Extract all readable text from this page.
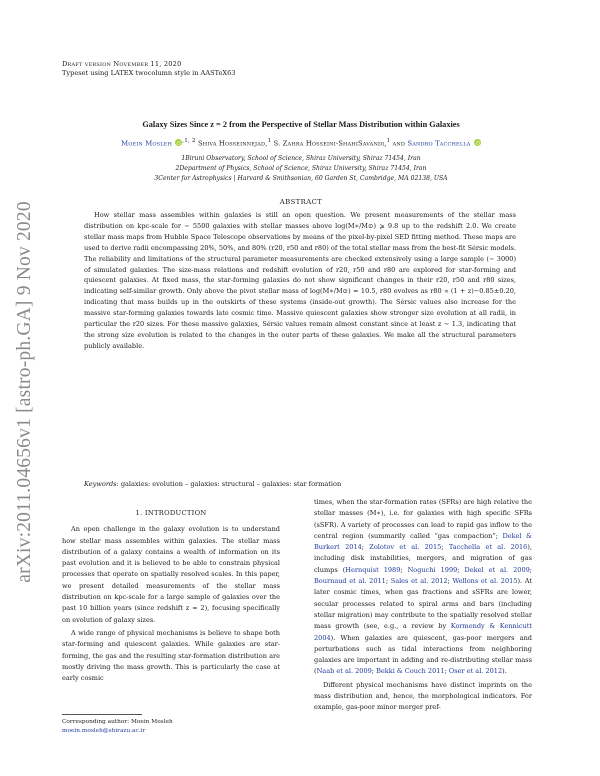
arXiv:2011.04656v1 [astro-ph.GA] 9 Nov 2020
Draft version November 11, 2020
Typeset using LATEX twocolumn style in AASTeX63
Galaxy Sizes Since z = 2 from the Perspective of Stellar Mass Distribution within Galaxies
Moein Mosleh iD
$^{,1, 2}$ Shiva Hosseinnejad,$^1$ S. Zahra Hosseini-ShahiSavandi,$^1$ and Sandro Tacchella iD
1Biruni Observatory, School of Science, Shiraz University, Shiraz 71454, Iran
2Department of Physics, School of Science, Shiraz University, Shiraz 71454, Iran
3Center for Astrophysics | Harvard & Smithsonian, 60 Garden St, Cambridge, MA 02138, USA
ABSTRACT
How stellar mass assembles within galaxies is still an open question. We present measurements of the stellar mass distribution on kpc-scale for ∼ 5500 galaxies with stellar masses above log(M∗/M⊙) ⩾ 9.8 up to the redshift 2.0. We create stellar mass maps from Hubble Space Telescope observations by means of the pixel-by-pixel SED fitting method. These maps are used to derive radii encompassing 20%, 50%, and 80% (r20, r50 and r80) of the total stellar mass from the best-fit Sérsic models. The reliability and limitations of the structural parameter measurements are checked extensively using a large sample (∼ 3000) of simulated galaxies. The size-mass relations and redshift evolution of r20, r50 and r80 are explored for star-forming and quiescent galaxies. At fixed mass, the star-forming galaxies do not show significant changes in their r20, r50 and r80 sizes, indicating self-similar growth. Only above the pivot stellar mass of log(M∗/M⊙) ≃ 10.5, r80 evolves as r80 ∝ (1 + z)−0.85±0.20, indicating that mass builds up in the outskirts of these systems (inside-out growth). The Sérsic values also increase for the massive star-forming galaxies towards late cosmic time. Massive quiescent galaxies show stronger size evolution at all radii, in particular the r20 sizes. For these massive galaxies, Sérsic values remain almost constant since at least z ∼ 1.3, indicating that the strong size evolution is related to the changes in the outer parts of these galaxies. We make all the structural parameters publicly available.
Keywords: galaxies: evolution – galaxies: structural – galaxies: star formation
1. INTRODUCTION

An open challenge in the galaxy evolution is to understand how stellar mass assembles within galaxies. The stellar mass distribution of a galaxy contains a wealth of information on its past evolution and it is believed to be able to constrain physical processes that operate on spatially resolved scales. In this paper, we present detailed measurements of the stellar mass distribution on kpc-scale for a large sample of galaxies over the past 10 billion years (since redshift z ≈ 2), focusing specifically on evolution of galaxy sizes.

A wide range of physical mechanisms is believe to shape both star-forming and quiescent galaxies. While galaxies are star-forming, the gas and the resulting star-formation distribution are mostly driving the mass growth. This is particularly the case at early cosmic

times, when the star-formation rates (SFRs) are high relative the stellar masses (M∗), i.e. for galaxies with high specific SFRs (sSFR). A variety of processes can lead to rapid gas inflow to the central region (summarily called “gas compaction”; Dekel & Burkert 2014; Zolotov et al. 2015; Tacchella et al. 2016), including disk instabilities, mergers, and migration of gas clumps (Hernquist 1989; Noguchi 1999; Dekel et al. 2009; Bournaud et al. 2011; Sales et al. 2012; Wellons et al. 2015). At later cosmic times, when gas fractions and sSFRs are lower, secular processes related to spiral arms and bars (including stellar migration) may contribute to the spatially resolved stellar mass growth (see, e.g., a review by Kormendy & Kennicutt 2004). When galaxies are quiescent, gas-poor mergers and perturbations such as tidal interactions from neighboring galaxies are important in adding and re-distributing stellar mass (Naab et al. 2009; Bekki & Couch 2011; Oser et al. 2012).

Different physical mechanisms have distinct imprints on the mass distribution and, hence, the morphological indicators. For example, gas-poor minor merger pref-

Corresponding author: Moein Mosleh
moein.mosleh@shirazu.ac.ir
